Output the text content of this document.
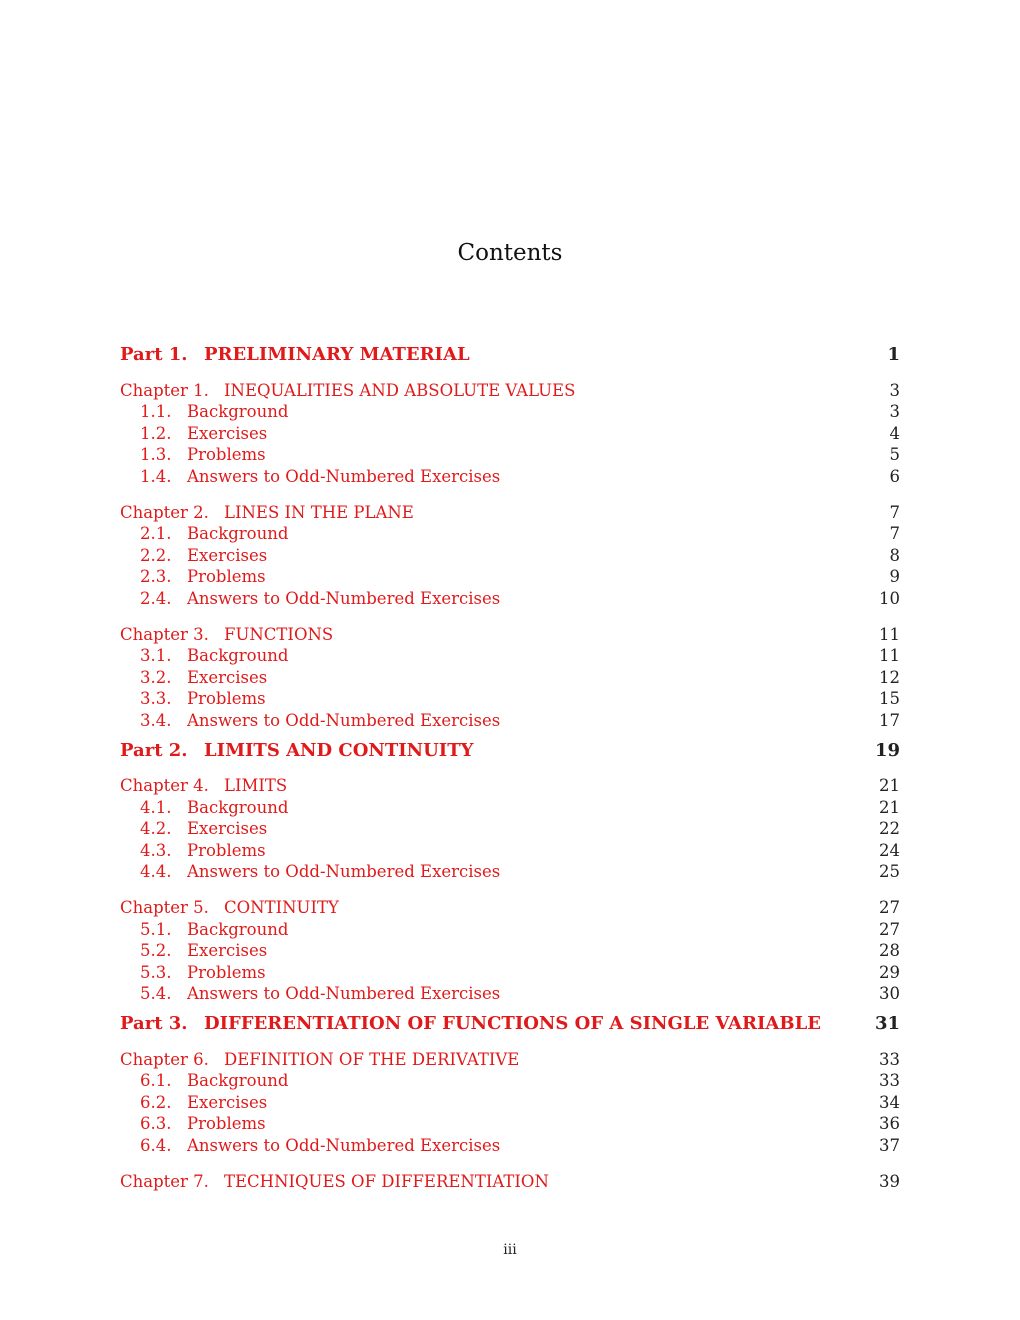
Contents
Part 1. PRELIMINARY MATERIAL	1
Chapter 1. INEQUALITIES AND ABSOLUTE VALUES	3
1.1. Background	3
1.2. Exercises	4
1.3. Problems	5
1.4. Answers to Odd-Numbered Exercises	6
Chapter 2. LINES IN THE PLANE	7
2.1. Background	7
2.2. Exercises	8
2.3. Problems	9
2.4. Answers to Odd-Numbered Exercises	10
Chapter 3. FUNCTIONS	11
3.1. Background	11
3.2. Exercises	12
3.3. Problems	15
3.4. Answers to Odd-Numbered Exercises	17
Part 2. LIMITS AND CONTINUITY	19
Chapter 4. LIMITS	21
4.1. Background	21
4.2. Exercises	22
4.3. Problems	24
4.4. Answers to Odd-Numbered Exercises	25
Chapter 5. CONTINUITY	27
5.1. Background	27
5.2. Exercises	28
5.3. Problems	29
5.4. Answers to Odd-Numbered Exercises	30
Part 3. DIFFERENTIATION OF FUNCTIONS OF A SINGLE VARIABLE	31
Chapter 6. DEFINITION OF THE DERIVATIVE	33
6.1. Background	33
6.2. Exercises	34
6.3. Problems	36
6.4. Answers to Odd-Numbered Exercises	37
Chapter 7. TECHNIQUES OF DIFFERENTIATION	39
iii
